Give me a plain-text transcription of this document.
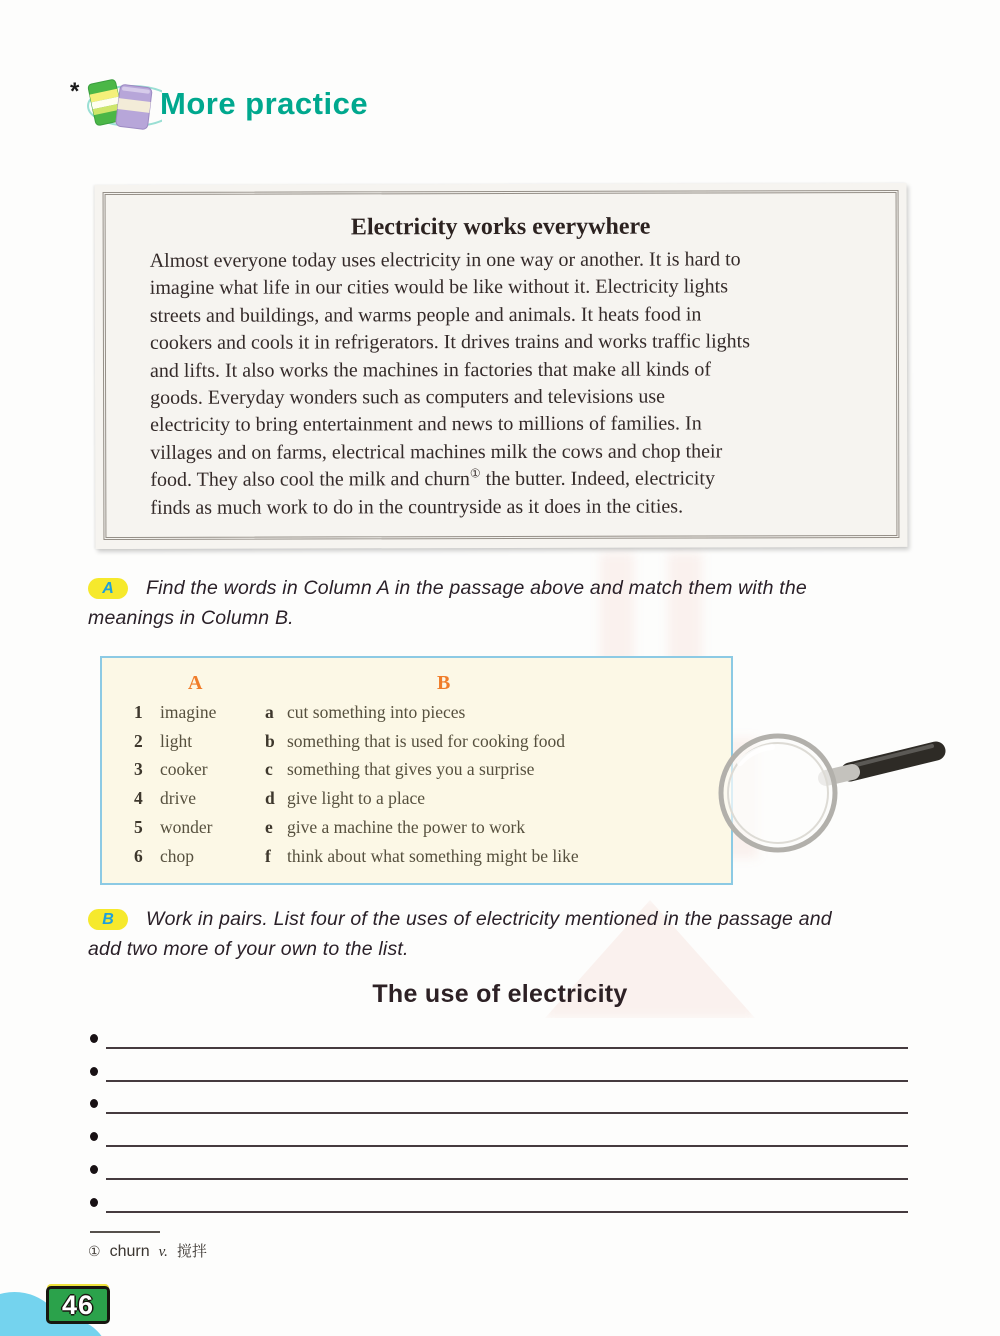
*	More practice
Electricity works everywhere
Almost everyone today uses electricity in one way or another. It is hard to
imagine what life in our cities would be like without it. Electricity lights
streets and buildings, and warms people and animals. It heats food in
cookers and cools it in refrigerators. It drives trains and works traffic lights
and lifts. It also works the machines in factories that make all kinds of
goods. Everyday wonders such as computers and televisions use
electricity to bring entertainment and news to millions of families. In
villages and on farms, electrical machines milk the cows and chop their
food. They also cool the milk and churn① the butter. Indeed, electricity
finds as much work to do in the countryside as it does in the cities.
A	Find the words in Column A in the passage above and match them with the
meanings in Column B.
A	B
1 imagine	a cut something into pieces
2 light	b something that is used for cooking food
3 cooker	c something that gives you a surprise
4 drive	d give light to a place
5 wonder	e give a machine the power to work
6 chop	f think about what something might be like
B	Work in pairs. List four of the uses of electricity mentioned in the passage and
add two more of your own to the list.
The use of electricity
① churn v. 搅拌
46
